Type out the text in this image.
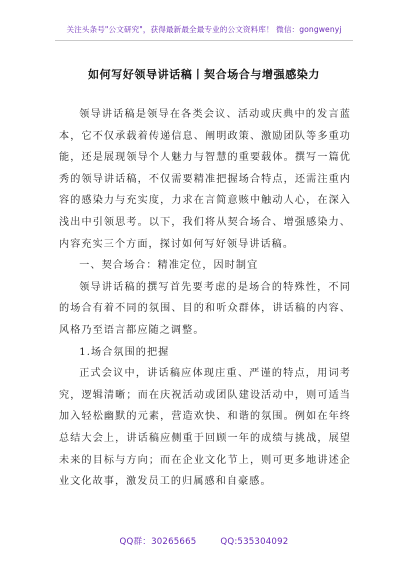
关注头条号"公文研究"，获得最新最全最专业的公文资料库！ 微信：gongwenyj
如何写好领导讲话稿丨契合场合与增强感染力

领导讲话稿是领导在各类会议、活动或庆典中的发言蓝本，它不仅承载着传递信息、阐明政策、激励团队等多重功能，还是展现领导个人魅力与智慧的重要载体。撰写一篇优秀的领导讲话稿，不仅需要精准把握场合特点，还需注重内容的感染力与充实度，力求在言简意赅中触动人心，在深入浅出中引领思考。以下，我们将从契合场合、增强感染力、内容充实三个方面，探讨如何写好领导讲话稿。

一、契合场合：精准定位，因时制宜

领导讲话稿的撰写首先要考虑的是场合的特殊性，不同的场合有着不同的氛围、目的和听众群体，讲话稿的内容、风格乃至语言都应随之调整。

1.场合氛围的把握

正式会议中，讲话稿应体现庄重、严谨的特点，用词考究，逻辑清晰；而在庆祝活动或团队建设活动中，则可适当加入轻松幽默的元素，营造欢快、和谐的氛围。例如在年终总结大会上，讲话稿应侧重于回顾一年的成绩与挑战，展望未来的目标与方向；而在企业文化节上，则可更多地讲述企业文化故事，激发员工的归属感和自豪感。

QQ群：30265665	QQ:535304092
